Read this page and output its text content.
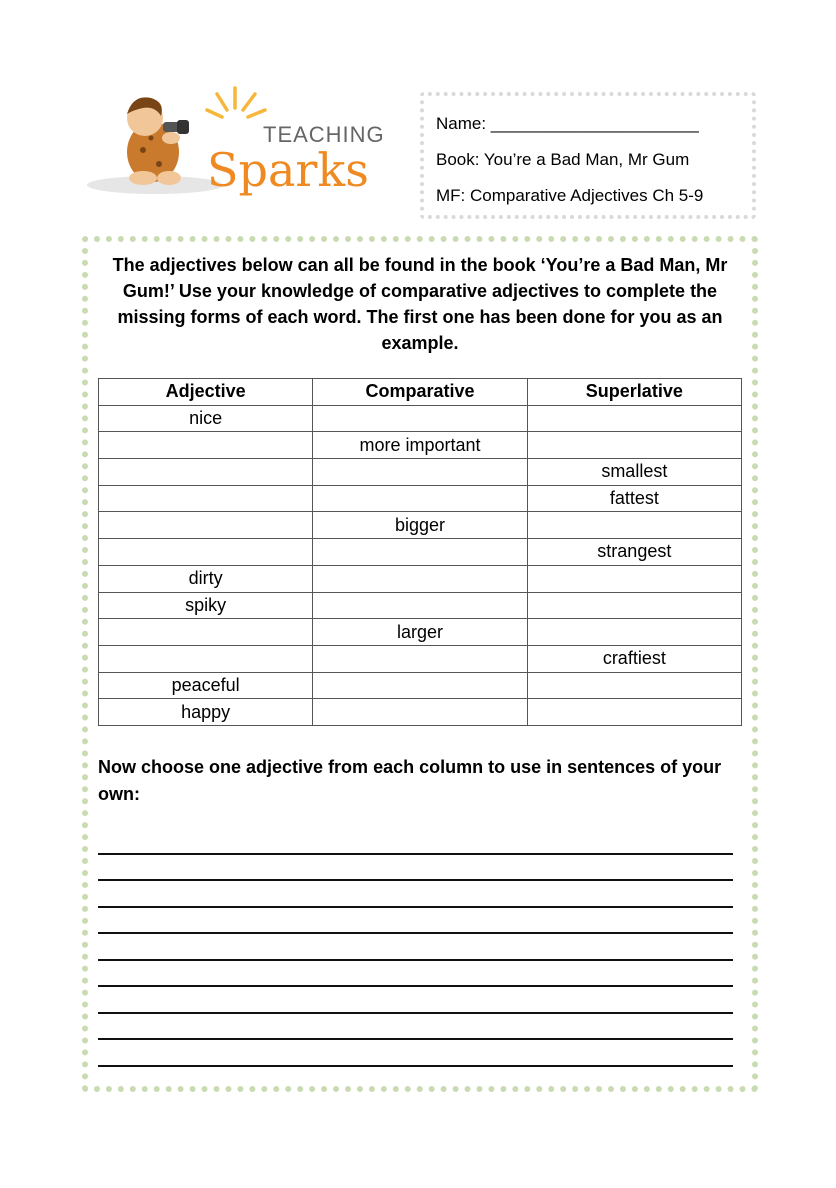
TEACHING
Sparks
Name: ______________________
Book: You’re a Bad Man, Mr Gum
MF: Comparative Adjectives Ch 5-9
The adjectives below can all be found in the book ‘You’re a Bad Man, Mr Gum!’ Use your knowledge of comparative adjectives to complete the missing forms of each word. The first one has been done for you as an example.
Adjective	Comparative	Superlative
nice		
	more important	
		smallest
		fattest
	bigger	
		strangest
dirty		
spiky		
	larger	
		craftiest
peaceful		
happy		
Now choose one adjective from each column to use in sentences of your own:
